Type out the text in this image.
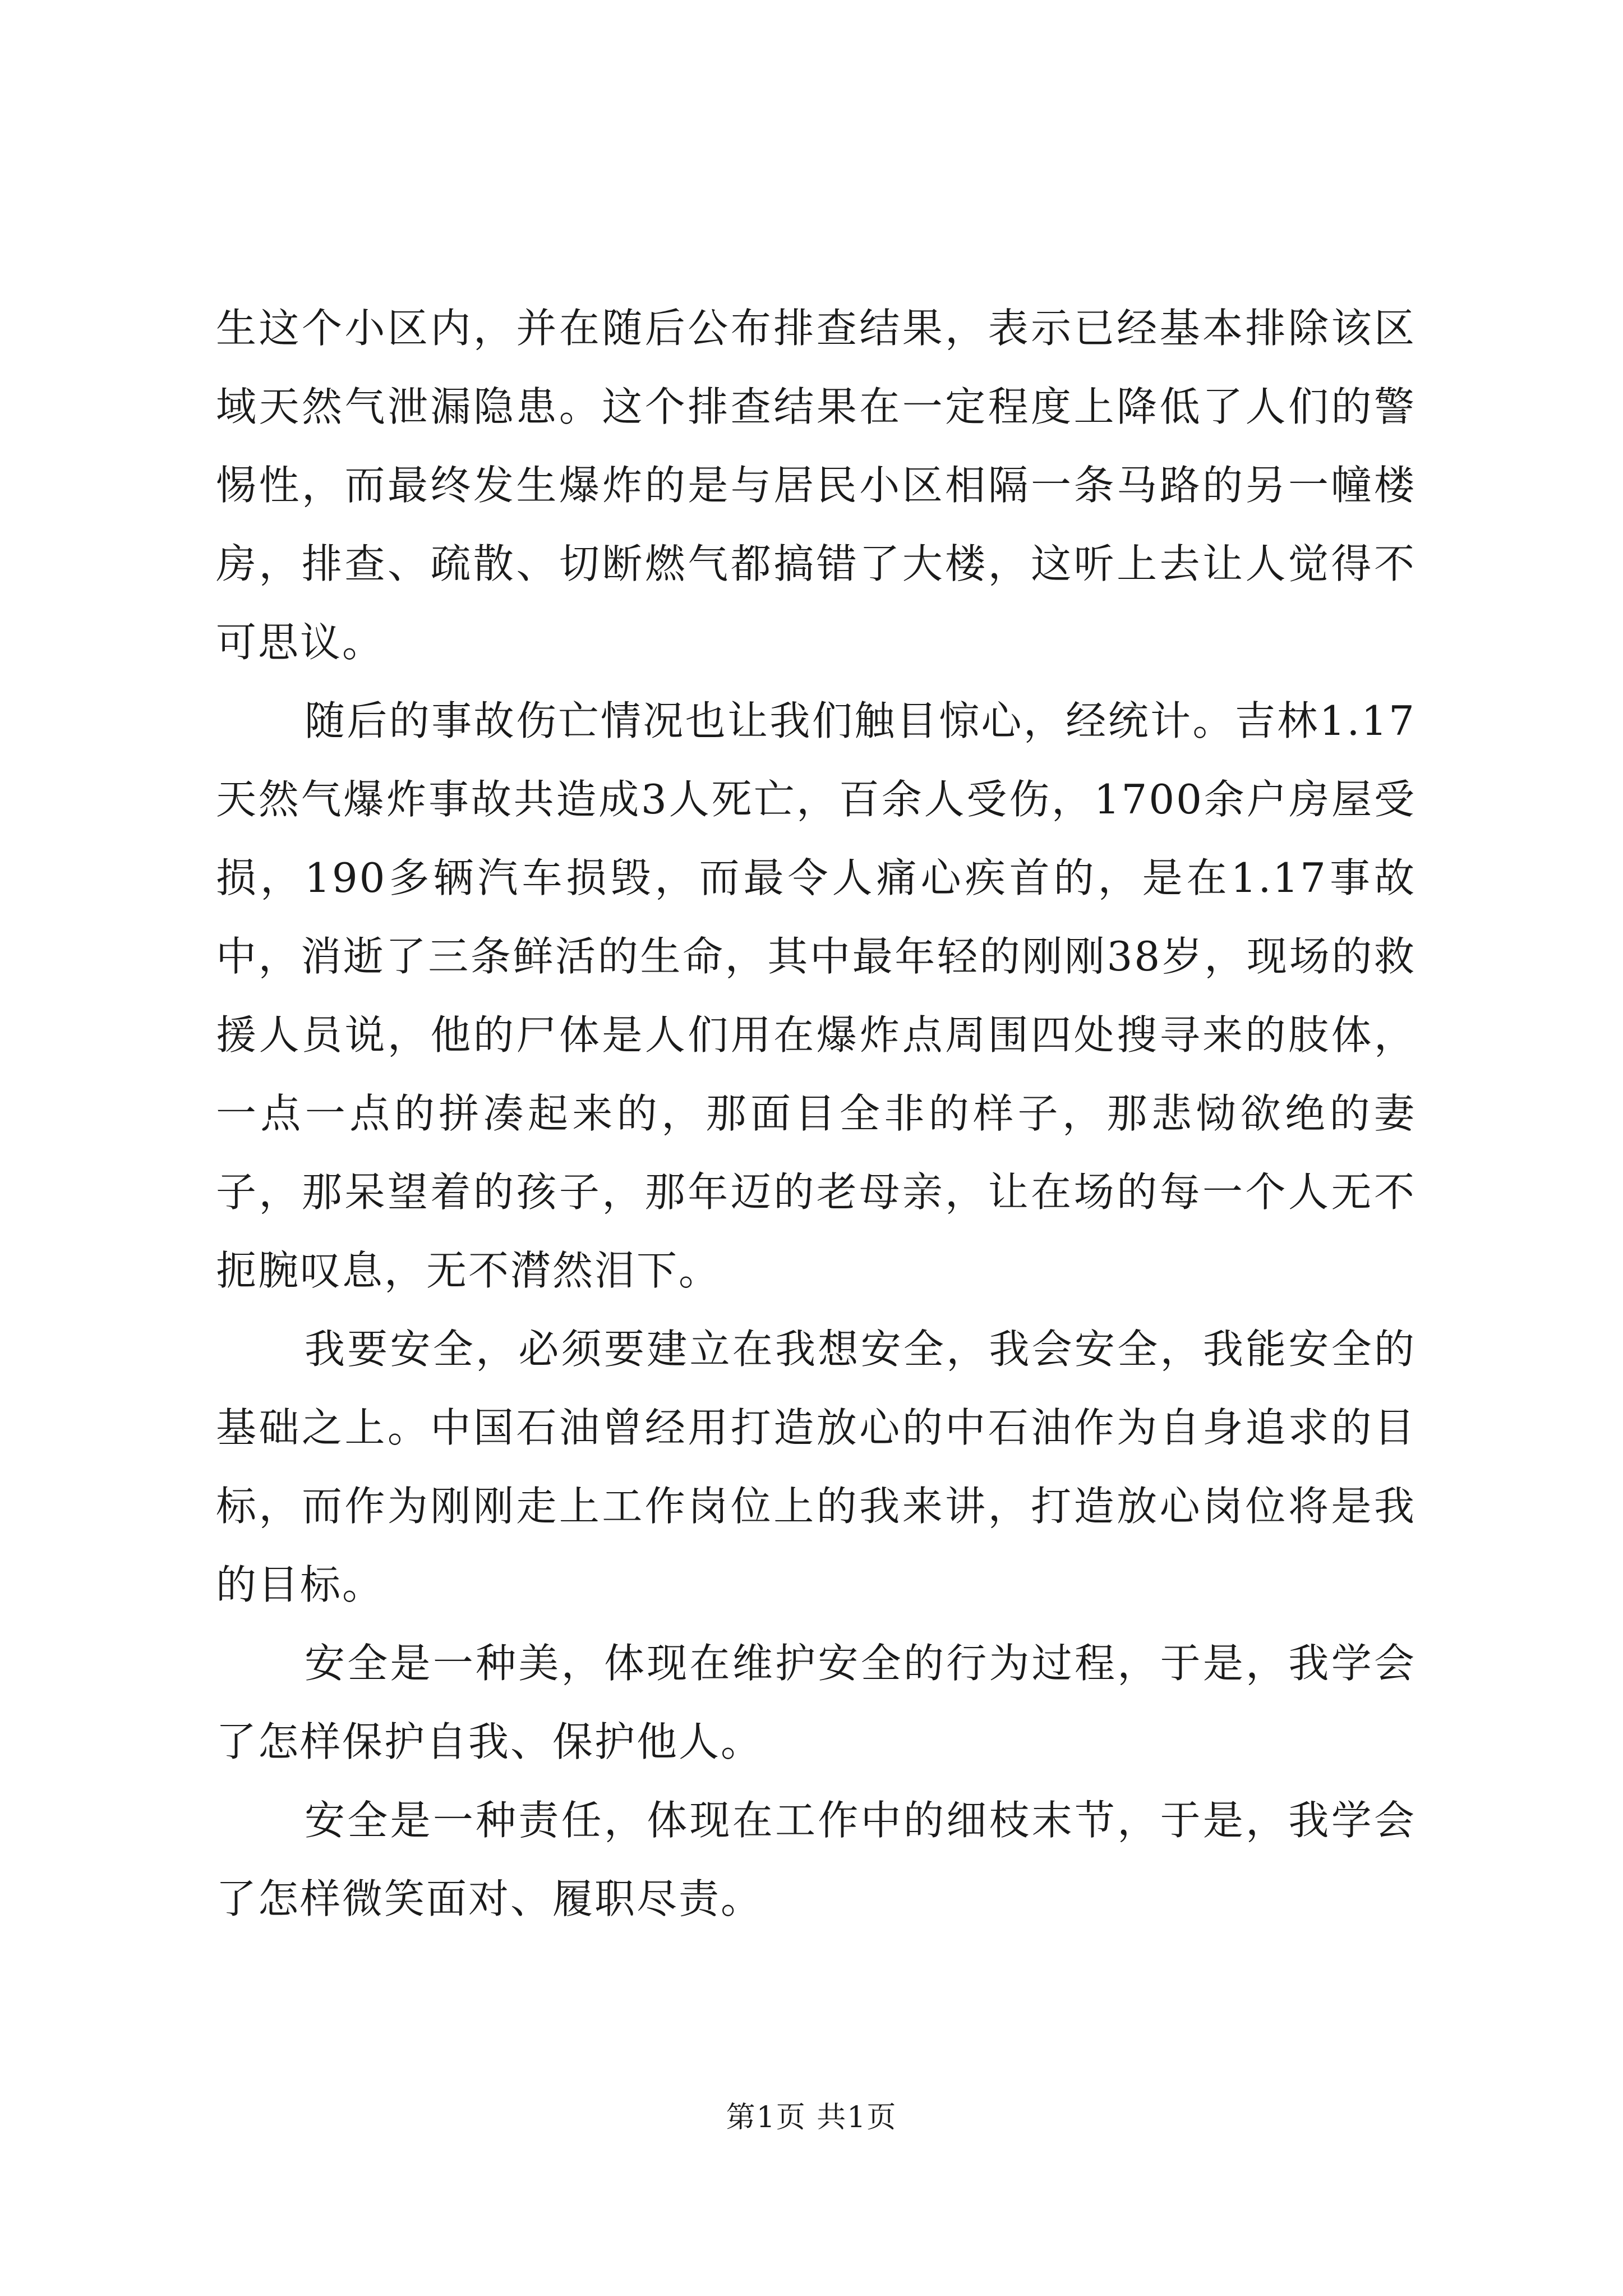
生这个小区内，并在随后公布排查结果，表示已经基本排除该区域天然气泄漏隐患。这个排查结果在一定程度上降低了人们的警惕性，而最终发生爆炸的是与居民小区相隔一条马路的另一幢楼房，排查、疏散、切断燃气都搞错了大楼，这听上去让人觉得不可思议。

随后的事故伤亡情况也让我们触目惊心，经统计。吉林1.17天然气爆炸事故共造成3人死亡，百余人受伤，1700余户房屋受损，190多辆汽车损毁，而最令人痛心疾首的，是在1.17事故中，消逝了三条鲜活的生命，其中最年轻的刚刚38岁，现场的救援人员说，他的尸体是人们用在爆炸点周围四处搜寻来的肢体，一点一点的拼凑起来的，那面目全非的样子，那悲恸欲绝的妻子，那呆望着的孩子，那年迈的老母亲，让在场的每一个人无不扼腕叹息，无不潸然泪下。

我要安全，必须要建立在我想安全，我会安全，我能安全的基础之上。中国石油曾经用打造放心的中石油作为自身追求的目标，而作为刚刚走上工作岗位上的我来讲，打造放心岗位将是我的目标。

安全是一种美，体现在维护安全的行为过程，于是，我学会了怎样保护自我、保护他人。

安全是一种责任，体现在工作中的细枝末节，于是，我学会了怎样微笑面对、履职尽责。

第1页 共1页
